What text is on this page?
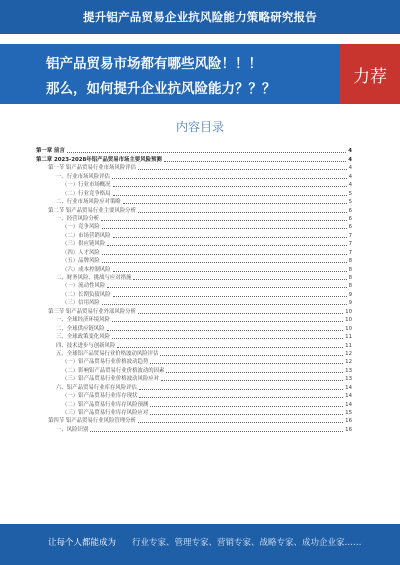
提升铝产品贸易企业抗风险能力策略研究报告
铝产品贸易市场都有哪些风险！！！
那么，如何提升企业抗风险能力？？？
力荐
内容目录
第一章 前言	4
第二章 2023-2028年铝产品贸易市场主要风险预测	4
第一节 铝产品贸易行业市场风险评估	4
一、行业市场风险评估	4
（一）行业市场概况	4
（二）行业竞争格局	5
二、行业市场风险应对策略	5
第二节 铝产品贸易行业主要风险分析	6
一、经营风险分析	6
（一）竞争风险	6
（二）市场营销风险	7
（三）供应链风险	7
（四）人才风险	7
（五）品牌风险	8
（六）成本控制风险	8
二、财务风险、挑战与应对措施	8
（一）流动性风险	8
（二）长期负债风险	9
（三）信用风险	9
第三节 铝产品贸易行业外部风险分析	10
一、全球经济环境风险	10
二、全球供应链风险	10
三、全球政策变化风险	11
四、技术进步与创新风险	11
五、全球铝产品贸易行业价格波动风险评估	12
（一）铝产品贸易行业价格波动趋势	12
（二）影响铝产品贸易行业价格波动的因素	13
（三）铝产品贸易行业价格波动风险应对	13
六、铝产品贸易行业库存风险评估	14
（一）铝产品贸易行业库存现状	14
（二）铝产品贸易行业库存风险预测	14
（三）铝产品贸易行业库存风险应对	15
第四节 铝产品贸易行业风险管理分析	16
一、风险识别	16
让每个人都能成为 行业专家、管理专家、营销专家、战略专家、成功企业家……
